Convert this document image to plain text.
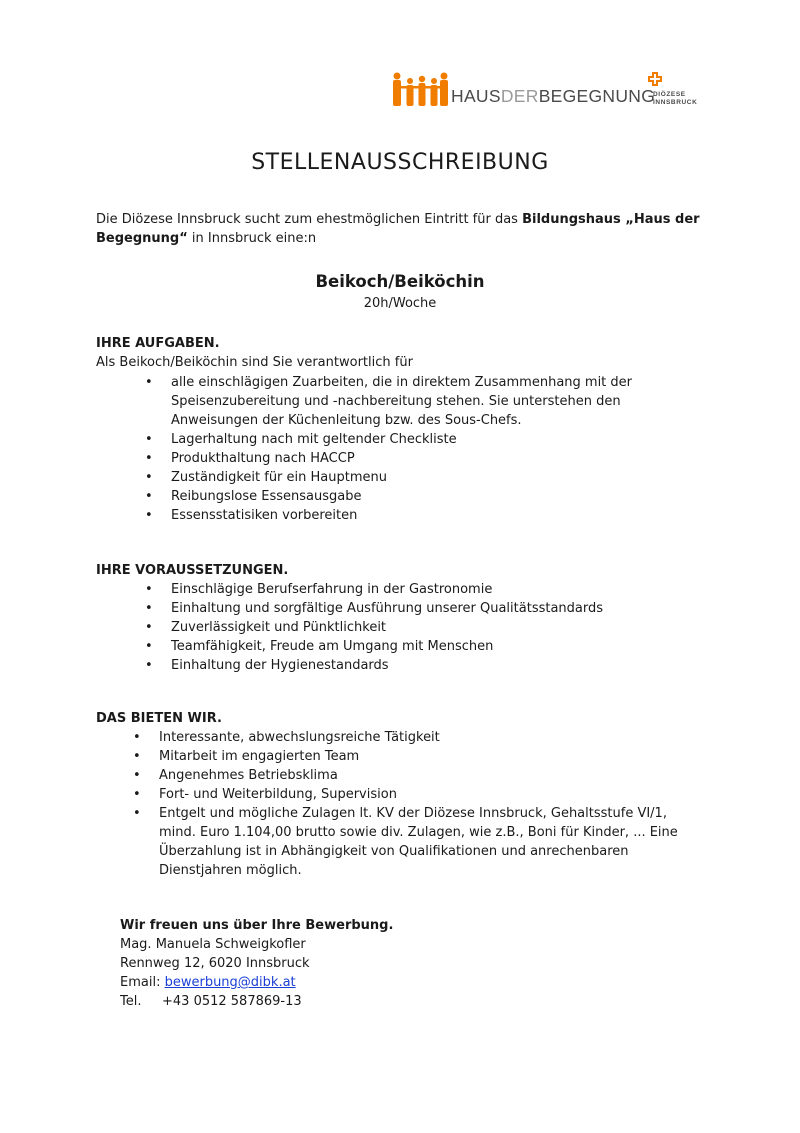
HAUSDERBEGEGNUNG
DIÖZESE
INNSBRUCK
STELLENAUSSCHREIBUNG
Die Diözese Innsbruck sucht zum ehestmöglichen Eintritt für das Bildungshaus „Haus der Begegnung“ in Innsbruck eine:n
Beikoch/Beiköchin
20h/Woche
IHRE AUFGABEN.
Als Beikoch/Beiköchin sind Sie verantwortlich für
• alle einschlägigen Zuarbeiten, die in direktem Zusammenhang mit der Speisenzubereitung und -nachbereitung stehen. Sie unterstehen den Anweisungen der Küchenleitung bzw. des Sous-Chefs.
• Lagerhaltung nach mit geltender Checkliste
• Produkthaltung nach HACCP
• Zuständigkeit für ein Hauptmenu
• Reibungslose Essensausgabe
• Essensstatisiken vorbereiten
IHRE VORAUSSETZUNGEN.
• Einschlägige Berufserfahrung in der Gastronomie
• Einhaltung und sorgfältige Ausführung unserer Qualitätsstandards
• Zuverlässigkeit und Pünktlichkeit
• Teamfähigkeit, Freude am Umgang mit Menschen
• Einhaltung der Hygienestandards
DAS BIETEN WIR.
• Interessante, abwechslungsreiche Tätigkeit
• Mitarbeit im engagierten Team
• Angenehmes Betriebsklima
• Fort- und Weiterbildung, Supervision
• Entgelt und mögliche Zulagen lt. KV der Diözese Innsbruck, Gehaltsstufe VI/1, mind. Euro 1.104,00 brutto sowie div. Zulagen, wie z.B., Boni für Kinder, ... Eine Überzahlung ist in Abhängigkeit von Qualifikationen und anrechenbaren Dienstjahren möglich.
Wir freuen uns über Ihre Bewerbung.
Mag. Manuela Schweigkofler
Rennweg 12, 6020 Innsbruck
Email: bewerbung@dibk.at
Tel. +43 0512 587869-13
